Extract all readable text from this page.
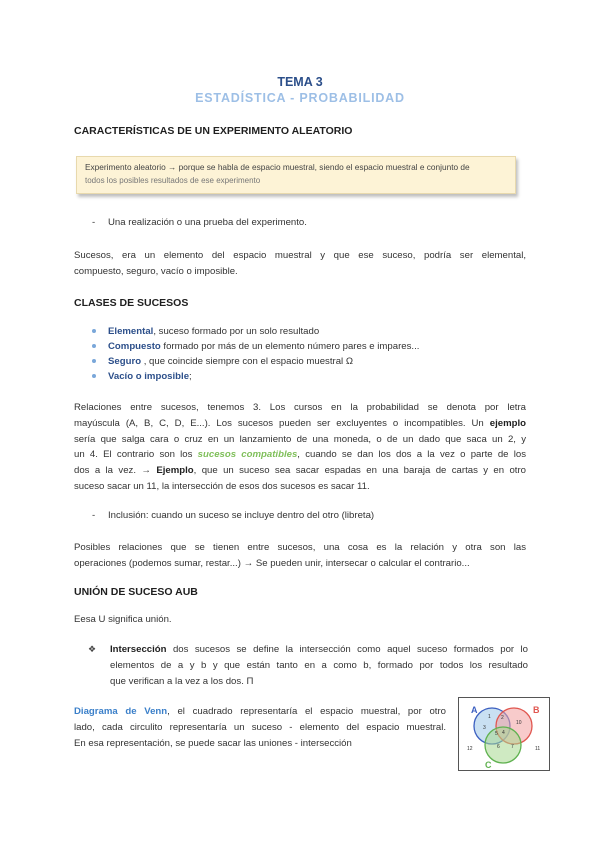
TEMA 3
ESTADÍSTICA - PROBABILIDAD
CARACTERÍSTICAS DE UN EXPERIMENTO ALEATORIO
Experimento aleatorio → porque se habla de espacio muestral, siendo el espacio muestral e conjunto de
todos los posibles resultados de ese experimento
- Una realización o una prueba del experimento.
Sucesos, era un elemento del espacio muestral y que ese suceso, podría ser elemental,
compuesto, seguro, vacío o imposible.
CLASES DE SUCESOS
Elemental, suceso formado por un solo resultado
Compuesto formado por más de un elemento número pares e impares...
Seguro , que coincide siempre con el espacio muestral Ω
Vacío o imposible;
Relaciones entre sucesos, tenemos 3. Los cursos en la probabilidad se denota por letra
mayúscula (A, B, C, D, E...). Los sucesos pueden ser excluyentes o incompatibles. Un ejemplo
sería que salga cara o cruz en un lanzamiento de una moneda, o de un dado que saca un 2, y
un 4. El contrario son los sucesos compatibles, cuando se dan los dos a la vez o parte de los
dos a la vez. → Ejemplo, que un suceso sea sacar espadas en una baraja de cartas y en otro
suceso sacar un 11, la intersección de esos dos sucesos es sacar 11.
- Inclusión: cuando un suceso se incluye dentro del otro (libreta)
Posibles relaciones que se tienen entre sucesos, una cosa es la relación y otra son las
operaciones (podemos sumar, restar...) → Se pueden unir, intersecar o calcular el contrario...
UNIÓN DE SUCESO AUB
Eesa U significa unión.
❖ Intersección dos sucesos se define la intersección como aquel suceso formados por lo
elementos de a y b y que están tanto en a como b, formado por todos los resultado
que verifican a la vez a los dos. Π
Diagrama de Venn, el cuadrado representaría el espacio muestral, por otro
lado, cada circulito representaría un suceso - elemento del espacio muestral.
En esa representación, se puede sacar las uniones - intersección
A	B
C
1
3
2
10
5 4
6 7
12	11
